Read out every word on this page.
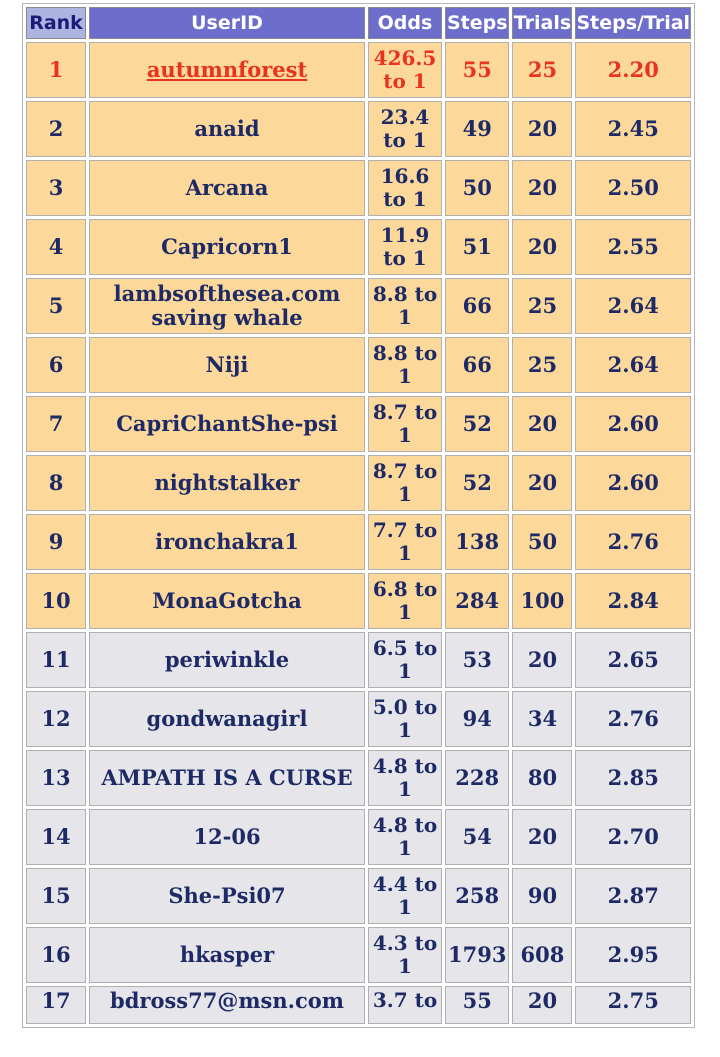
Rank	UserID	Odds	Steps	Trials	Steps/Trial
1	autumnforest	426.5 to 1	55	25	2.20
2	anaid	23.4 to 1	49	20	2.45
3	Arcana	16.6 to 1	50	20	2.50
4	Capricorn1	11.9 to 1	51	20	2.55
5	lambsofthesea.com saving whale	8.8 to 1	66	25	2.64
6	Niji	8.8 to 1	66	25	2.64
7	CapriChantShe-psi	8.7 to 1	52	20	2.60
8	nightstalker	8.7 to 1	52	20	2.60
9	ironchakra1	7.7 to 1	138	50	2.76
10	MonaGotcha	6.8 to 1	284	100	2.84
11	periwinkle	6.5 to 1	53	20	2.65
12	gondwanagirl	5.0 to 1	94	34	2.76
13	AMPATH IS A CURSE	4.8 to 1	228	80	2.85
14	12-06	4.8 to 1	54	20	2.70
15	She-Psi07	4.4 to 1	258	90	2.87
16	hkasper	4.3 to 1	1793	608	2.95
17	bdross77@msn.com	3.7 to	55	20	2.75
